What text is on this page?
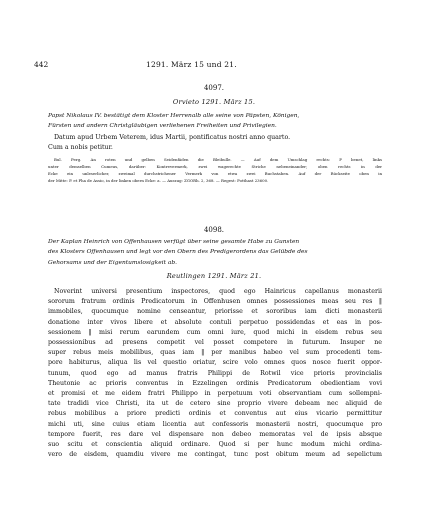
442	1291. März 15 und 21.
4097.
Orvieto 1291. März 15.
Papst Nikolaus IV. bestätigt dem Kloster Herrenalb alle seine von Päpsten, Königen,
Fürsten und andern Christgläubigen verliehenen Freiheiten und Privilegien.
Datum apud Urbem Veterem, idus Martii, pontificatus nostri anno quarto.
Cum a nobis petitur.
Bul. Perg. An roten und gelben Seidenfäden die Bleibulle. — Auf dem Umschlag rechts: P benet, links
unter demselben Cumeus, darüber: Kontrevermerk, zwei wagerechte Striche nebeneinander; oben rechts in der
Ecke ein unleserlicher, zweimal durchstrichener Vermerk von etwa zwei Buchstaben. Auf der Rückseite oben in
der Mitte: P. et Pha de Assio, in der linken obern Ecke: a. — Auszug: ZGORh. 2, 368. — Regest: Potthast 23600.
4098.
Der Kaplan Heinrich von Offenhausen verfügt über seine gesamte Habe zu Gunsten
des Klosters Offenhausen und legt vor den Obern des Predigerordens das Gelübde des
Gehorsams und der Eigentumslosigkeit ab.
Reutlingen 1291. März 21.
Noverint universi presentium inspectores, quod ego Hainricus capellanus monasterii
sororum fratrum ordinis Predicatorum in Offenhusen omnes possessiones meas seu res ‖
immobiles, quocumque nomine censeantur, priorisse et sororibus iam dicti monasterii
donatione inter vivos libere et absolute contuli perpetuo possidendas et eas in pos-
sessionem ‖ misi rerum earundem cum omni iure, quod michi in eisdem rebus seu
possessionibus ad presens competit vel posset competere in futurum. Insuper ne
super rebus meis mobilibus, quas iam ‖ per manibus habeo vel sum procedenti tem-
pore habiturus, aliqua lis vel questio oriatur, scire volo omnes quos nosce fuerit oppor-
tunum, quod ego ad manus fratris Philippi de Rotwil vice prioris provincialis
Theutonie ac prioris conventus in Ezzelingen ordinis Predicatorum obedientiam vovi
et promisi et me eidem fratri Philippo in perpetuum voti observantiam cum sollempni-
tate tradidi vice Christi, ita ut de cetero sine proprio vivere debeam nec aliquid de
rebus mobilibus a priore predicti ordinis et conventus aut eius vicario permittitur
michi uti, sine cuius etiam licentia aut confessoris monasterii nostri, quocumque pro
tempore fuerit, res dare vel dispensare non debeo memoratas vel de ipsis absque
suo scitu et conscientia aliquid ordinare. Quod si per hunc modum michi ordina-
vero de eisdem, quamdiu vivere me contingat, tunc post obitum meum ad sepelictum
